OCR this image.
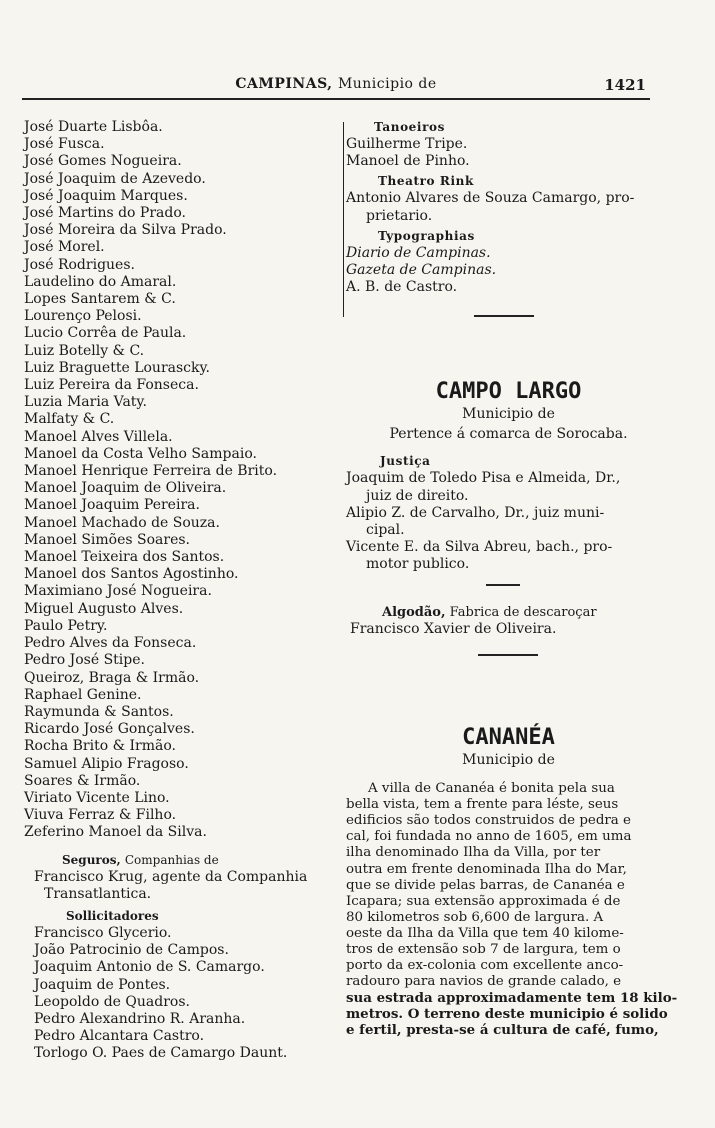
CAMPINAS, Municipio de	1421
José Duarte Lisbôa.
José Fusca.
José Gomes Nogueira.
José Joaquim de Azevedo.
José Joaquim Marques.
José Martins do Prado.
José Moreira da Silva Prado.
José Morel.
José Rodrigues.
Laudelino do Amaral.
Lopes Santarem & C.
Lourenço Pelosi.
Lucio Corrêa de Paula.
Luiz Botelly & C.
Luiz Braguette Lourascky.
Luiz Pereira da Fonseca.
Luzia Maria Vaty.
Malfaty & C.
Manoel Alves Villela.
Manoel da Costa Velho Sampaio.
Manoel Henrique Ferreira de Brito.
Manoel Joaquim de Oliveira.
Manoel Joaquim Pereira.
Manoel Machado de Souza.
Manoel Simões Soares.
Manoel Teixeira dos Santos.
Manoel dos Santos Agostinho.
Maximiano José Nogueira.
Miguel Augusto Alves.
Paulo Petry.
Pedro Alves da Fonseca.
Pedro José Stipe.
Queiroz, Braga & Irmão.
Raphael Genine.
Raymunda & Santos.
Ricardo José Gonçalves.
Rocha Brito & Irmão.
Samuel Alipio Fragoso.
Soares & Irmão.
Viriato Vicente Lino.
Viuva Ferraz & Filho.
Zeferino Manoel da Silva.
Seguros, Companhias de
Francisco Krug, agente da Companhia
Transatlantica.
Sollicitadores
Francisco Glycerio.
João Patrocinio de Campos.
Joaquim Antonio de S. Camargo.
Joaquim de Pontes.
Leopoldo de Quadros.
Pedro Alexandrino R. Aranha.
Pedro Alcantara Castro.
Torlogo O. Paes de Camargo Daunt.
Tanoeiros
Guilherme Tripe.
Manoel de Pinho.
Theatro Rink
Antonio Alvares de Souza Camargo, pro-
prietario.
Typographias
Diario de Campinas.
Gazeta de Campinas.
A. B. de Castro.
CAMPO LARGO
Municipio de
Pertence á comarca de Sorocaba.
Justiça
Joaquim de Toledo Pisa e Almeida, Dr.,
juiz de direito.
Alipio Z. de Carvalho, Dr., juiz muni-
cipal.
Vicente E. da Silva Abreu, bach., pro-
motor publico.
Algodão, Fabrica de descaroçar
Francisco Xavier de Oliveira.
CANANÉA
Municipio de
A villa de Cananéa é bonita pela sua
bella vista, tem a frente para léste, seus
edificios são todos construidos de pedra e
cal, foi fundada no anno de 1605, em uma
ilha denominado Ilha da Villa, por ter
outra em frente denominada Ilha do Mar,
que se divide pelas barras, de Cananéa e
Icapara; sua extensão approximada é de
80 kilometros sob 6,600 de largura. A
oeste da Ilha da Villa que tem 40 kilome-
tros de extensão sob 7 de largura, tem o
porto da ex-colonia com excellente anco-
radouro para navios de grande calado, e
sua estrada approximadamente tem 18 kilo-
metros. O terreno deste municipio é solido
e fertil, presta-se á cultura de café, fumo,
